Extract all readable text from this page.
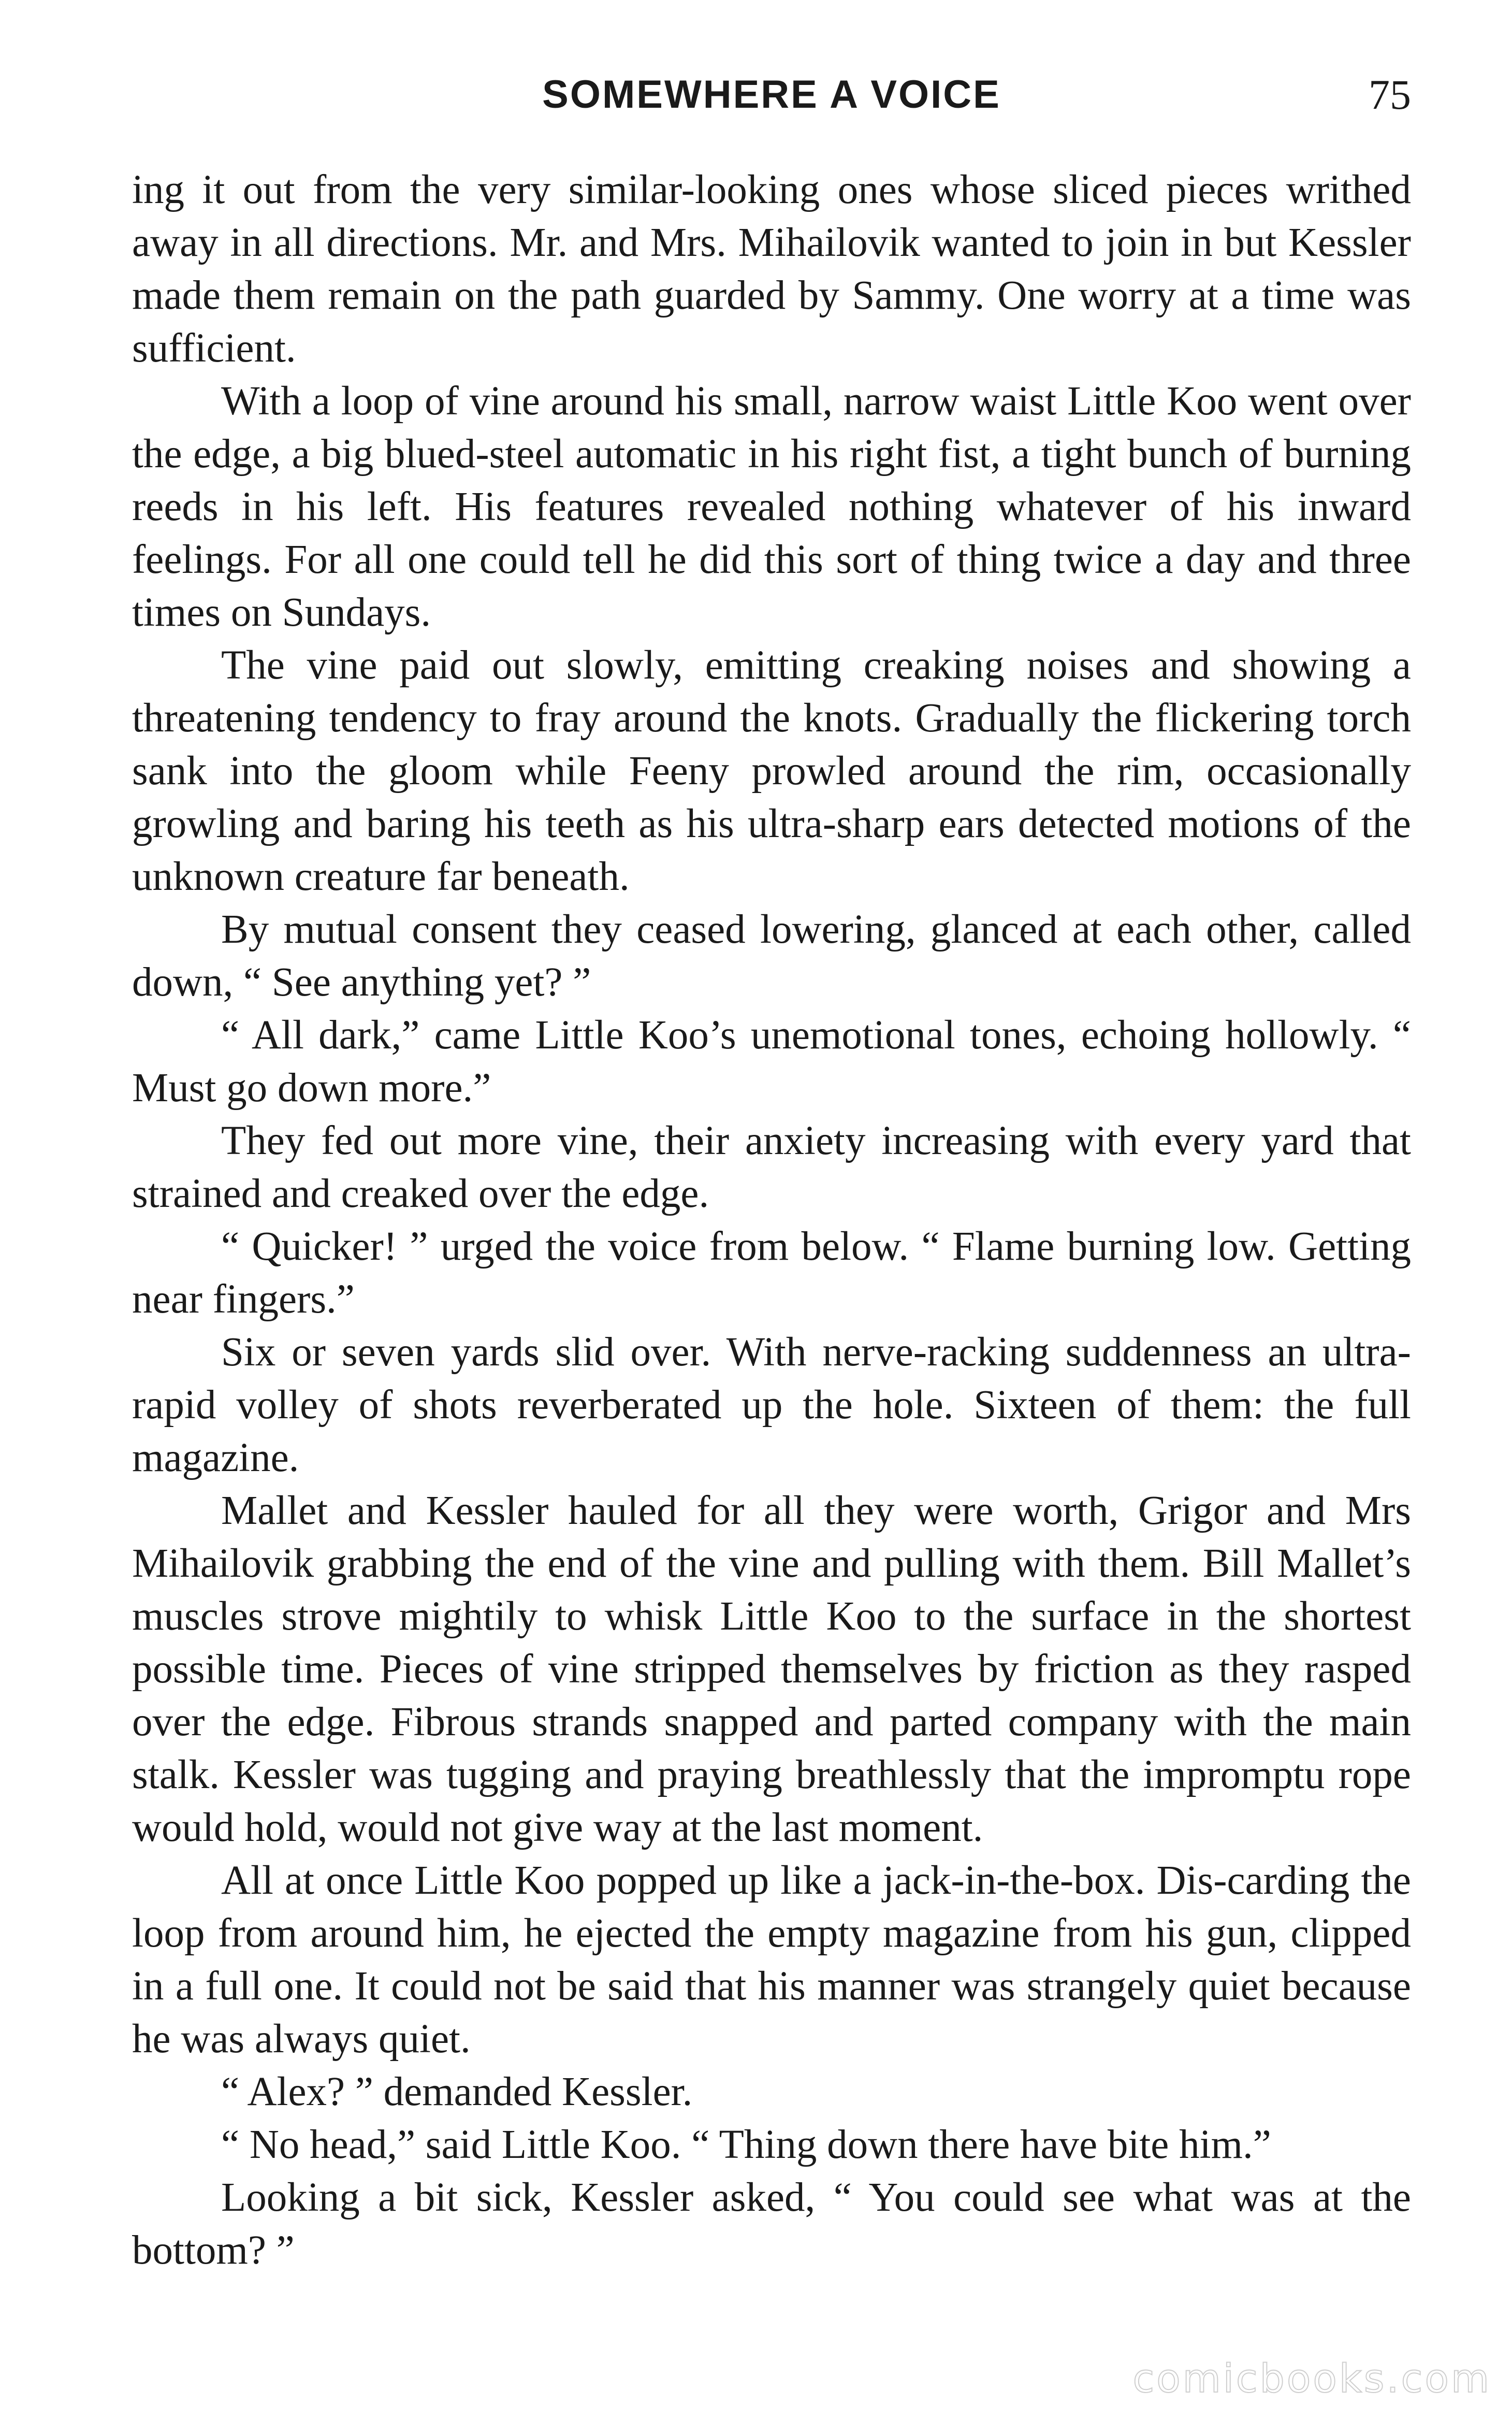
SOMEWHERE A VOICE	75

ing it out from the very similar-looking ones whose sliced pieces writhed away in all directions. Mr. and Mrs. Mihailovik wanted to join in but Kessler made them remain on the path guarded by Sammy. One worry at a time was sufficient.

With a loop of vine around his small, narrow waist Little Koo went over the edge, a big blued-steel automatic in his right fist, a tight bunch of burning reeds in his left. His features revealed nothing whatever of his inward feelings. For all one could tell he did this sort of thing twice a day and three times on Sundays.

The vine paid out slowly, emitting creaking noises and showing a threatening tendency to fray around the knots. Gradually the flickering torch sank into the gloom while Feeny prowled around the rim, occasionally growling and baring his teeth as his ultra-sharp ears detected motions of the unknown creature far beneath.

By mutual consent they ceased lowering, glanced at each other, called down, “ See anything yet? ”

“ All dark,” came Little Koo’s unemotional tones, echoing hollowly. “ Must go down more.”

They fed out more vine, their anxiety increasing with every yard that strained and creaked over the edge.

“ Quicker! ” urged the voice from below. “ Flame burning low. Getting near fingers.”

Six or seven yards slid over. With nerve-racking suddenness an ultra-rapid volley of shots reverberated up the hole. Sixteen of them: the full magazine.

Mallet and Kessler hauled for all they were worth, Grigor and Mrs Mihailovik grabbing the end of the vine and pulling with them. Bill Mallet’s muscles strove mightily to whisk Little Koo to the surface in the shortest possible time. Pieces of vine stripped themselves by friction as they rasped over the edge. Fibrous strands snapped and parted company with the main stalk. Kessler was tugging and praying breathlessly that the impromptu rope would hold, would not give way at the last moment.

All at once Little Koo popped up like a jack-in-the-box. Dis-carding the loop from around him, he ejected the empty magazine from his gun, clipped in a full one. It could not be said that his manner was strangely quiet because he was always quiet.

“ Alex? ” demanded Kessler.

“ No head,” said Little Koo. “ Thing down there have bite him.”

Looking a bit sick, Kessler asked, “ You could see what was at the bottom? ”

comicbooks.com
